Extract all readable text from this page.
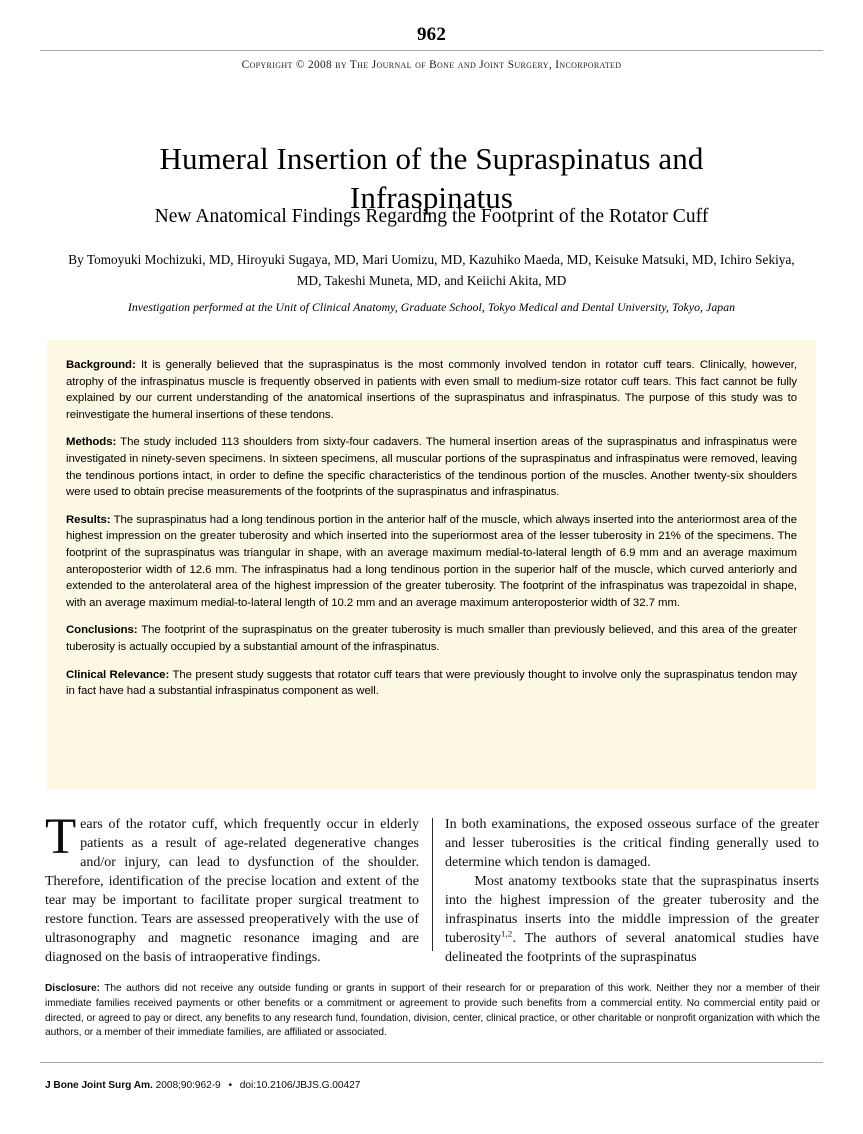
962
Copyright © 2008 by The Journal of Bone and Joint Surgery, Incorporated
Humeral Insertion of the Supraspinatus and Infraspinatus
New Anatomical Findings Regarding the Footprint of the Rotator Cuff
By Tomoyuki Mochizuki, MD, Hiroyuki Sugaya, MD, Mari Uomizu, MD, Kazuhiko Maeda, MD, Keisuke Matsuki, MD, Ichiro Sekiya, MD, Takeshi Muneta, MD, and Keiichi Akita, MD
Investigation performed at the Unit of Clinical Anatomy, Graduate School, Tokyo Medical and Dental University, Tokyo, Japan

Background: It is generally believed that the supraspinatus is the most commonly involved tendon in rotator cuff tears. Clinically, however, atrophy of the infraspinatus muscle is frequently observed in patients with even small to medium-size rotator cuff tears. This fact cannot be fully explained by our current understanding of the anatomical insertions of the supraspinatus and infraspinatus. The purpose of this study was to reinvestigate the humeral insertions of these tendons.

Methods: The study included 113 shoulders from sixty-four cadavers. The humeral insertion areas of the supraspinatus and infraspinatus were investigated in ninety-seven specimens. In sixteen specimens, all muscular portions of the supraspinatus and infraspinatus were removed, leaving the tendinous portions intact, in order to define the specific characteristics of the tendinous portion of the muscles. Another twenty-six shoulders were used to obtain precise measurements of the footprints of the supraspinatus and infraspinatus.

Results: The supraspinatus had a long tendinous portion in the anterior half of the muscle, which always inserted into the anteriormost area of the highest impression on the greater tuberosity and which inserted into the superiormost area of the lesser tuberosity in 21% of the specimens. The footprint of the supraspinatus was triangular in shape, with an average maximum medial-to-lateral length of 6.9 mm and an average maximum anteroposterior width of 12.6 mm. The infraspinatus had a long tendinous portion in the superior half of the muscle, which curved anteriorly and extended to the anterolateral area of the highest impression of the greater tuberosity. The footprint of the infraspinatus was trapezoidal in shape, with an average maximum medial-to-lateral length of 10.2 mm and an average maximum anteroposterior width of 32.7 mm.

Conclusions: The footprint of the supraspinatus on the greater tuberosity is much smaller than previously believed, and this area of the greater tuberosity is actually occupied by a substantial amount of the infraspinatus.

Clinical Relevance: The present study suggests that rotator cuff tears that were previously thought to involve only the supraspinatus tendon may in fact have had a substantial infraspinatus component as well.

Tears of the rotator cuff, which frequently occur in elderly patients as a result of age-related degenerative changes and/or injury, can lead to dysfunction of the shoulder. Therefore, identification of the precise location and extent of the tear may be important to facilitate proper surgical treatment to restore function. Tears are assessed preoperatively with the use of ultrasonography and magnetic resonance imaging and are diagnosed on the basis of intraoperative findings.

In both examinations, the exposed osseous surface of the greater and lesser tuberosities is the critical finding generally used to determine which tendon is damaged.

Most anatomy textbooks state that the supraspinatus inserts into the highest impression of the greater tuberosity and the infraspinatus inserts into the middle impression of the greater tuberosity$^{1,2}$. The authors of several anatomical studies have delineated the footprints of the supraspinatus

Disclosure: The authors did not receive any outside funding or grants in support of their research for or preparation of this work. Neither they nor a member of their immediate families received payments or other benefits or a commitment or agreement to provide such benefits from a commercial entity. No commercial entity paid or directed, or agreed to pay or direct, any benefits to any research fund, foundation, division, center, clinical practice, or other charitable or nonprofit organization with which the authors, or a member of their immediate families, are affiliated or associated.
J Bone Joint Surg Am. 2008;90:962-9 • doi:10.2106/JBJS.G.00427
